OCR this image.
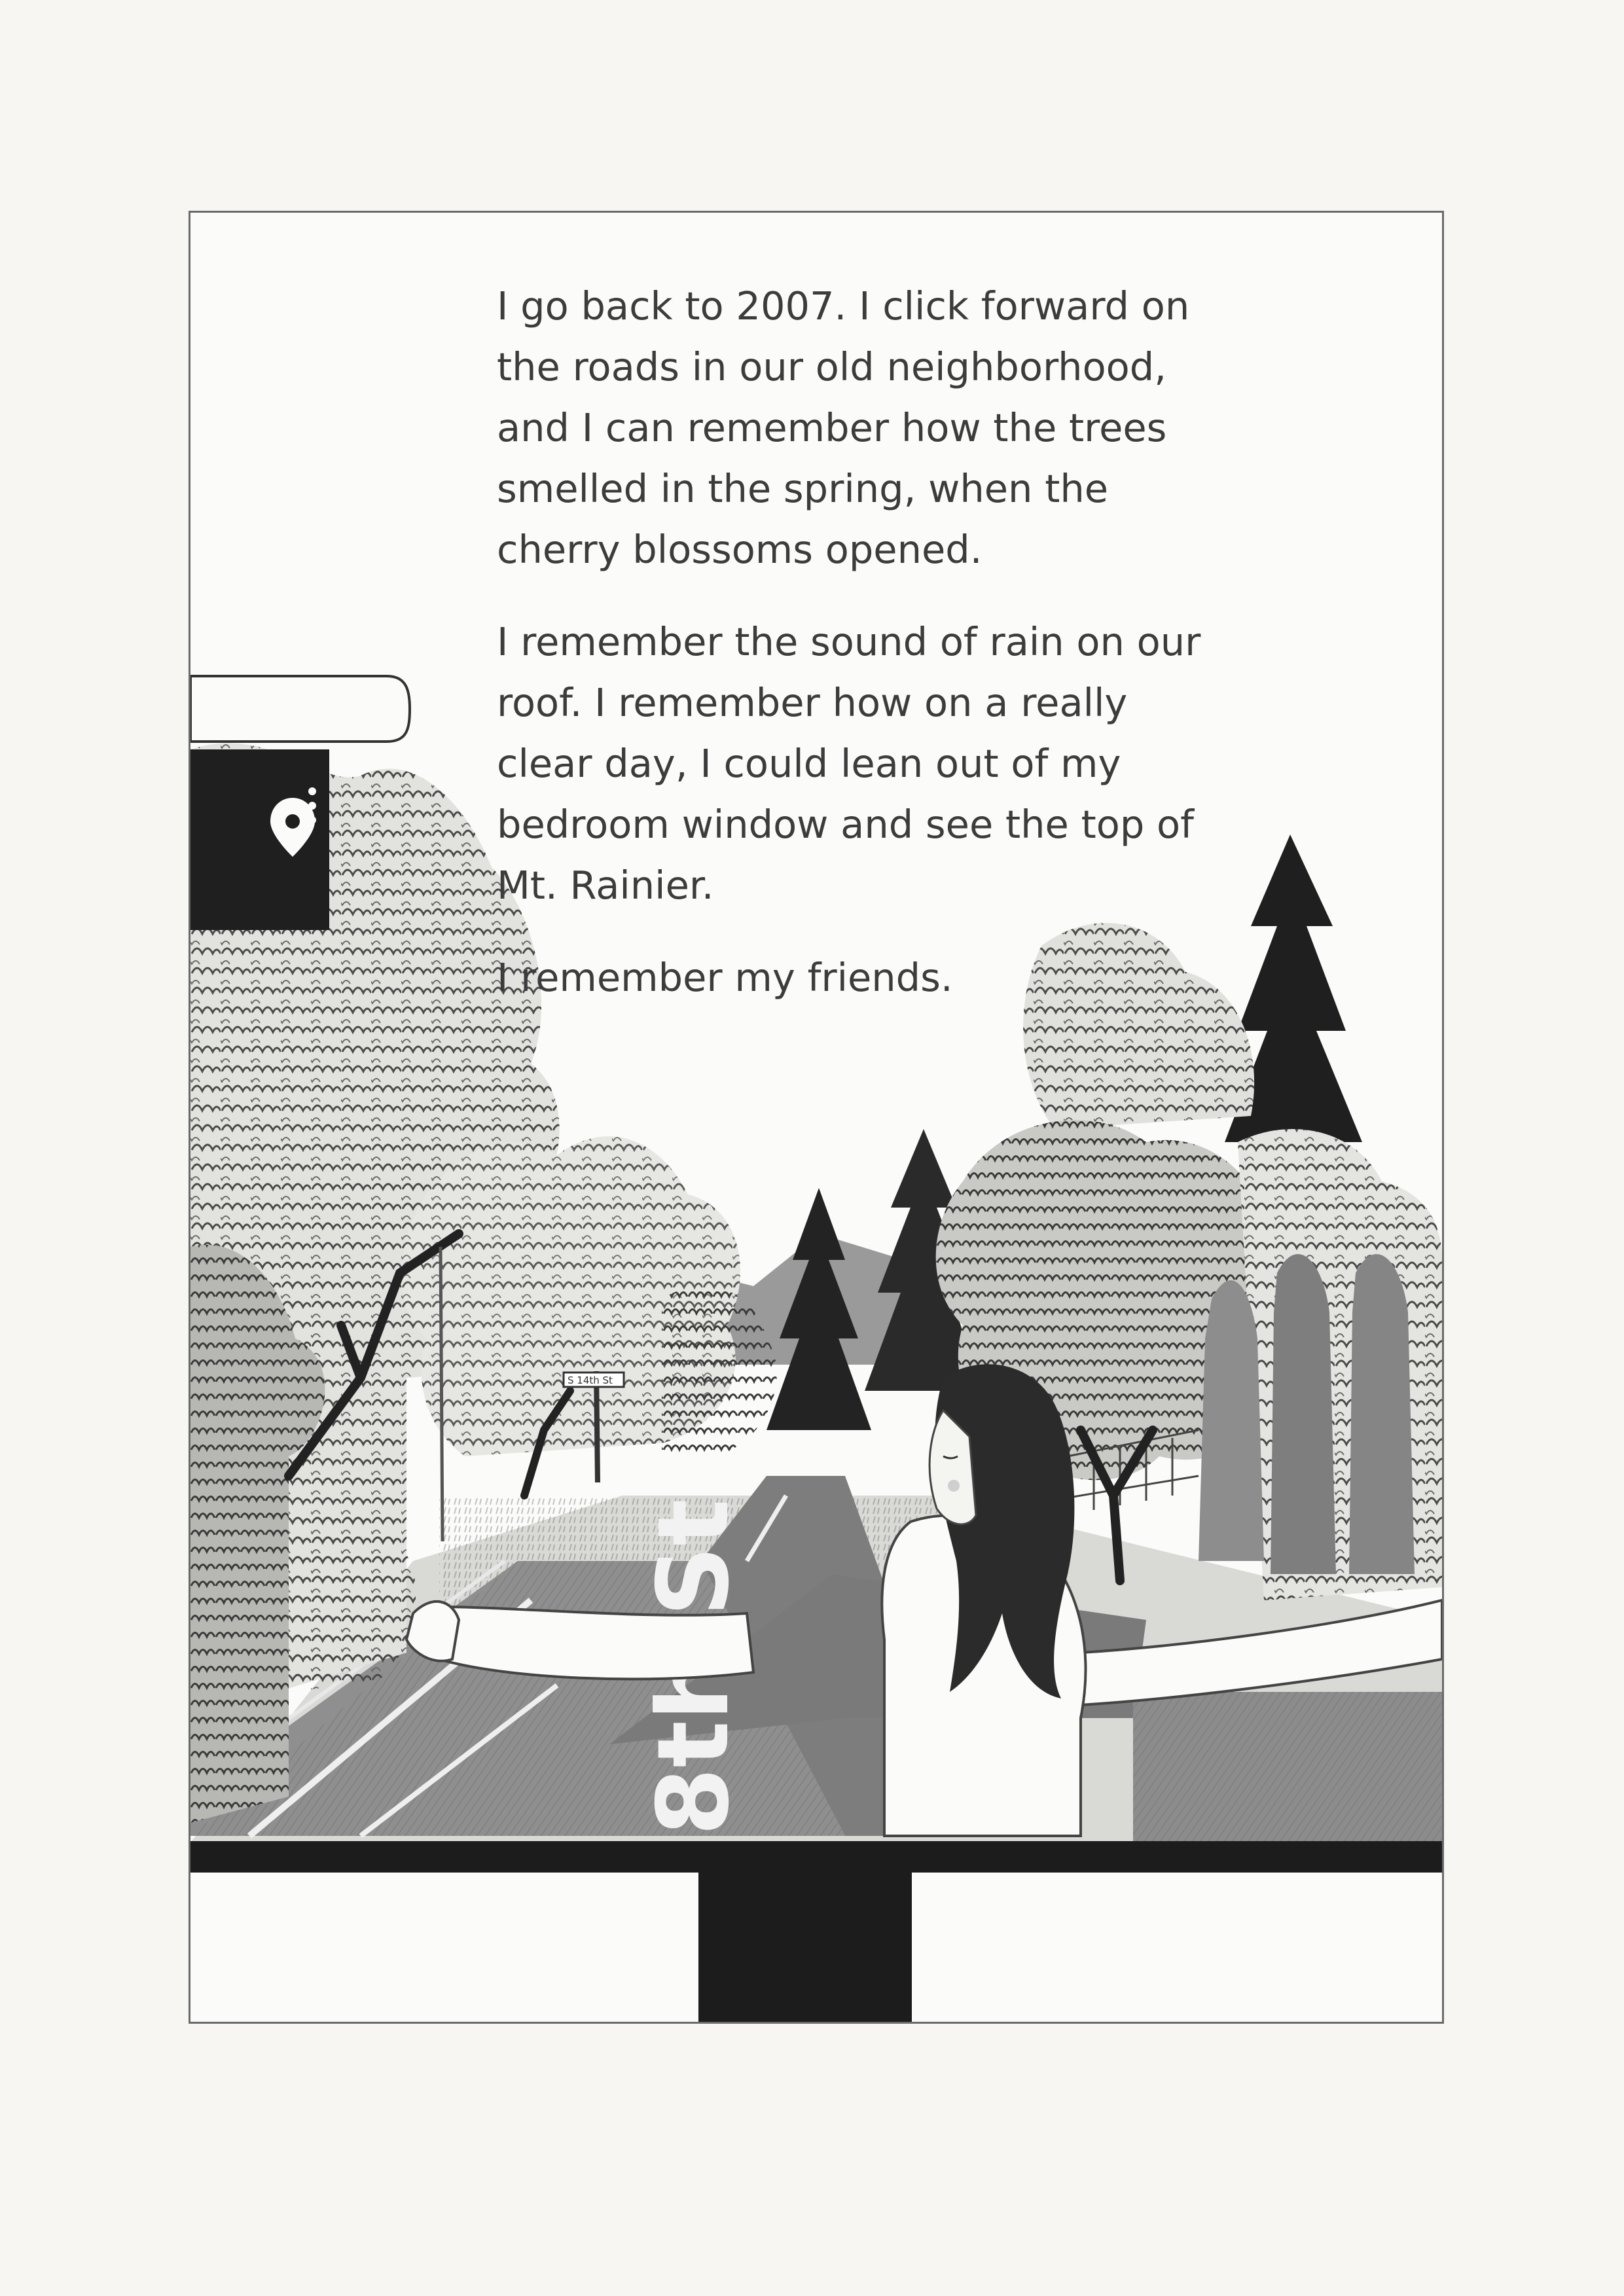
S 14th St

I go back to 2007. I click forward on the roads in our old neighborhood, and I can remember how the trees smelled in the spring, when the cherry blossoms opened.

I remember the sound of rain on our roof. I remember how on a really clear day, I could lean out of my bedroom window and see the top of Mt. Rainier.

I remember my friends.
